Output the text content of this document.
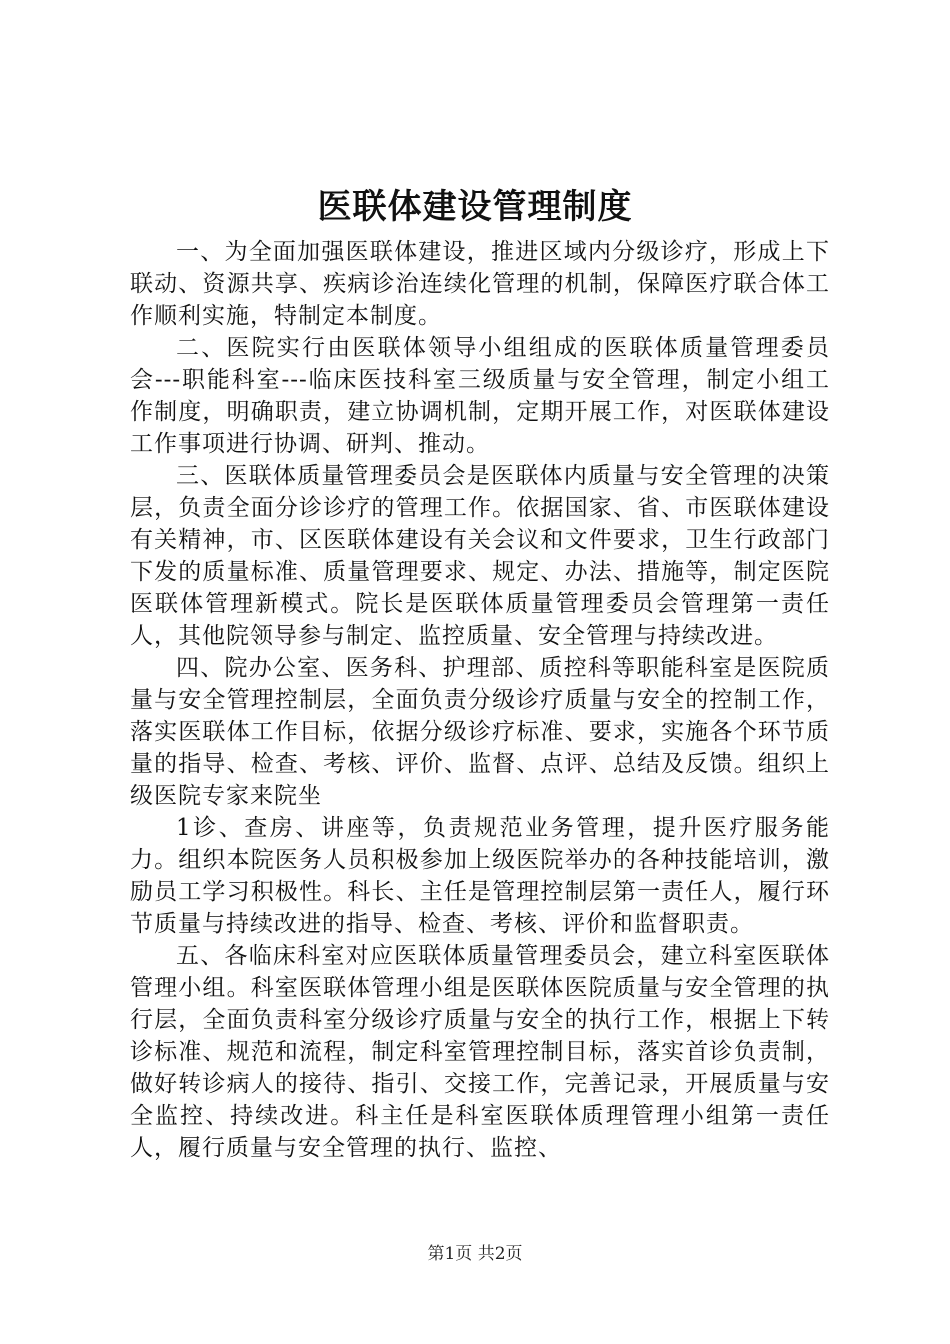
医联体建设管理制度

一、为全面加强医联体建设，推进区域内分级诊疗，形成上下联动、资源共享、疾病诊治连续化管理的机制，保障医疗联合体工作顺利实施，特制定本制度。

二、医院实行由医联体领导小组组成的医联体质量管理委员会---职能科室---临床医技科室三级质量与安全管理，制定小组工作制度，明确职责，建立协调机制，定期开展工作，对医联体建设工作事项进行协调、研判、推动。

三、医联体质量管理委员会是医联体内质量与安全管理的决策层，负责全面分诊诊疗的管理工作。依据国家、省、市医联体建设有关精神，市、区医联体建设有关会议和文件要求，卫生行政部门下发的质量标准、质量管理要求、规定、办法、措施等，制定医院医联体管理新模式。院长是医联体质量管理委员会管理第一责任人，其他院领导参与制定、监控质量、安全管理与持续改进。

四、院办公室、医务科、护理部、质控科等职能科室是医院质量与安全管理控制层，全面负责分级诊疗质量与安全的控制工作，落实医联体工作目标，依据分级诊疗标准、要求，实施各个环节质量的指导、检查、考核、评价、监督、点评、总结及反馈。组织上级医院专家来院坐

1诊、查房、讲座等，负责规范业务管理，提升医疗服务能力。组织本院医务人员积极参加上级医院举办的各种技能培训，激励员工学习积极性。科长、主任是管理控制层第一责任人，履行环节质量与持续改进的指导、检查、考核、评价和监督职责。

五、各临床科室对应医联体质量管理委员会，建立科室医联体管理小组。科室医联体管理小组是医联体医院质量与安全管理的执行层，全面负责科室分级诊疗质量与安全的执行工作，根据上下转诊标准、规范和流程，制定科室管理控制目标，落实首诊负责制，做好转诊病人的接待、指引、交接工作，完善记录，开展质量与安全监控、持续改进。科主任是科室医联体质理管理小组第一责任人，履行质量与安全管理的执行、监控、

第1页 共2页
